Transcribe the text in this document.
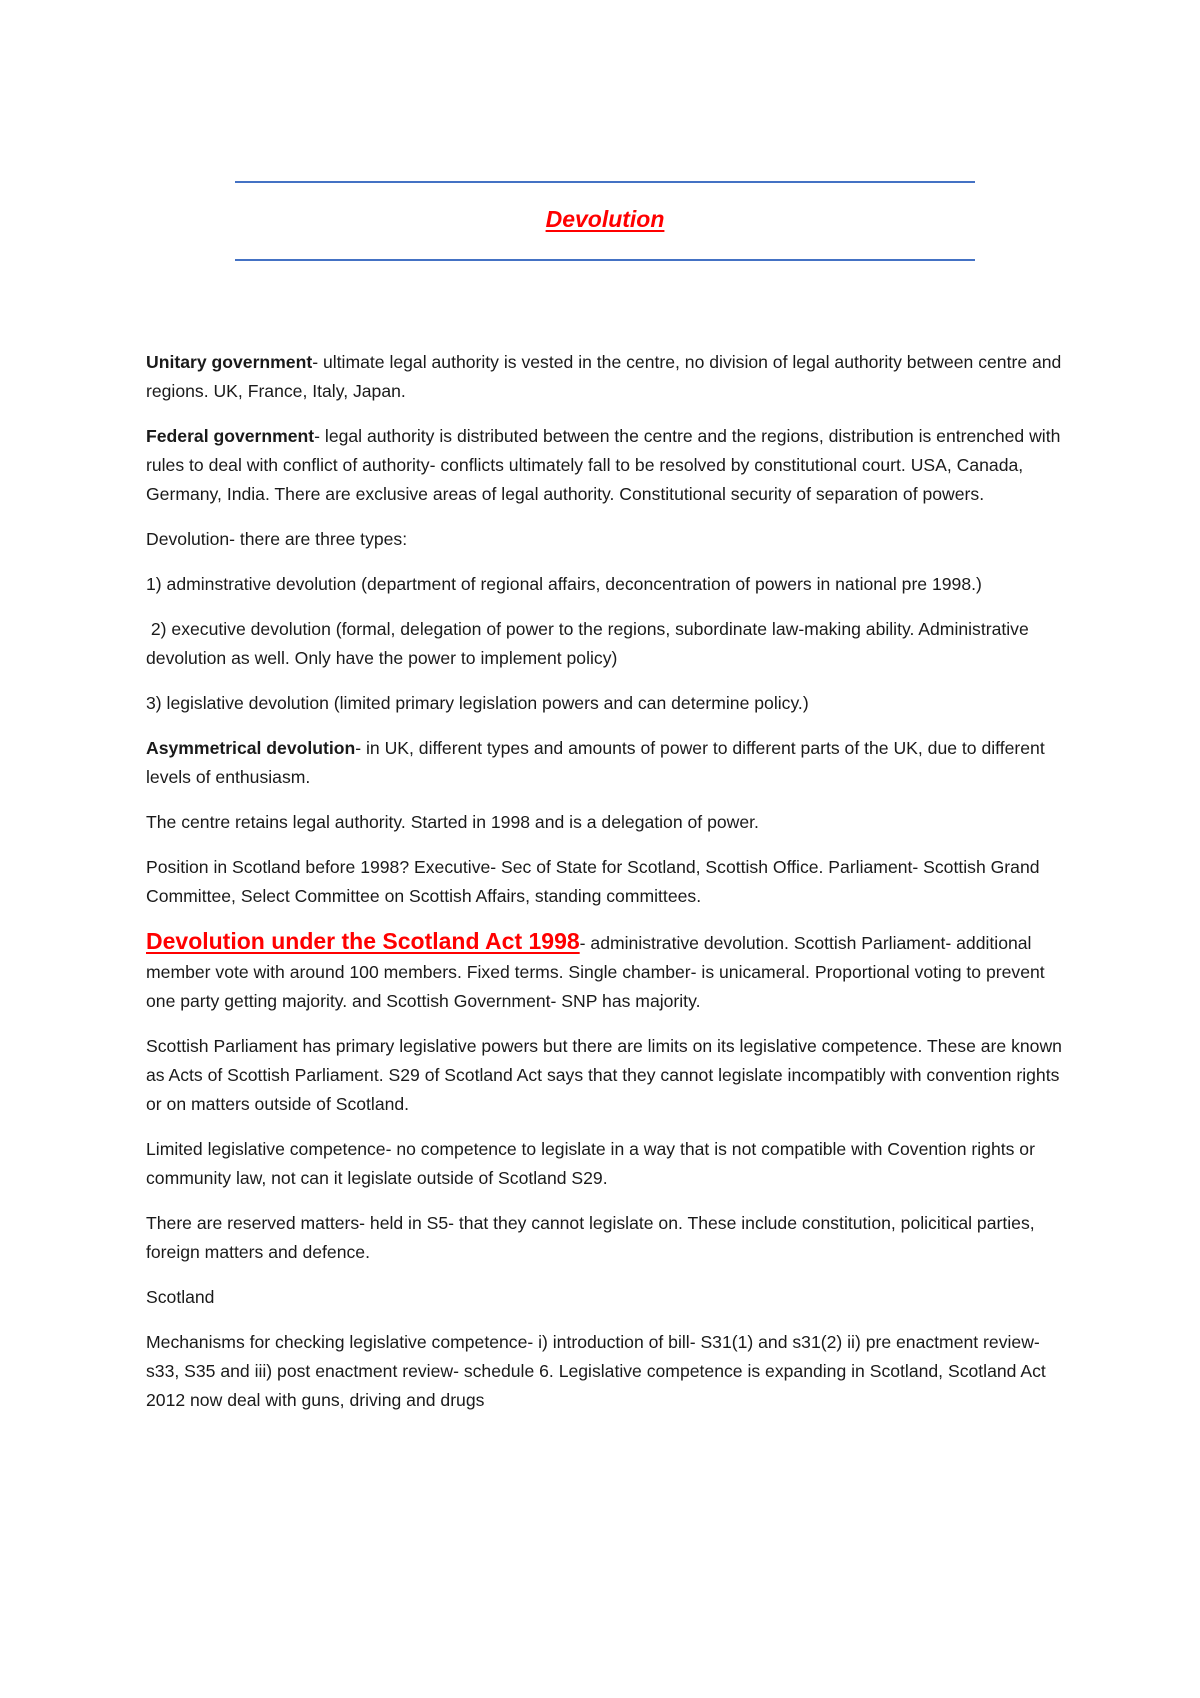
Devolution

Unitary government- ultimate legal authority is vested in the centre, no division of legal authority between centre and regions. UK, France, Italy, Japan.

Federal government- legal authority is distributed between the centre and the regions, distribution is entrenched with rules to deal with conflict of authority- conflicts ultimately fall to be resolved by constitutional court. USA, Canada, Germany, India. There are exclusive areas of legal authority. Constitutional security of separation of powers.

Devolution- there are three types:

1) adminstrative devolution (department of regional affairs, deconcentration of powers in national pre 1998.)

2) executive devolution (formal, delegation of power to the regions, subordinate law-making ability. Administrative devolution as well. Only have the power to implement policy)

3) legislative devolution (limited primary legislation powers and can determine policy.)

Asymmetrical devolution- in UK, different types and amounts of power to different parts of the UK, due to different levels of enthusiasm.

The centre retains legal authority. Started in 1998 and is a delegation of power.

Position in Scotland before 1998? Executive- Sec of State for Scotland, Scottish Office. Parliament- Scottish Grand Committee, Select Committee on Scottish Affairs, standing committees.

Devolution under the Scotland Act 1998- administrative devolution. Scottish Parliament- additional member vote with around 100 members. Fixed terms. Single chamber- is unicameral. Proportional voting to prevent one party getting majority. and Scottish Government- SNP has majority.

Scottish Parliament has primary legislative powers but there are limits on its legislative competence. These are known as Acts of Scottish Parliament. S29 of Scotland Act says that they cannot legislate incompatibly with convention rights or on matters outside of Scotland.

Limited legislative competence- no competence to legislate in a way that is not compatible with Covention rights or community law, not can it legislate outside of Scotland S29.

There are reserved matters- held in S5- that they cannot legislate on. These include constitution, policitical parties, foreign matters and defence.

Scotland

Mechanisms for checking legislative competence- i) introduction of bill- S31(1) and s31(2) ii) pre enactment review- s33, S35 and iii) post enactment review- schedule 6. Legislative competence is expanding in Scotland, Scotland Act 2012 now deal with guns, driving and drugs
